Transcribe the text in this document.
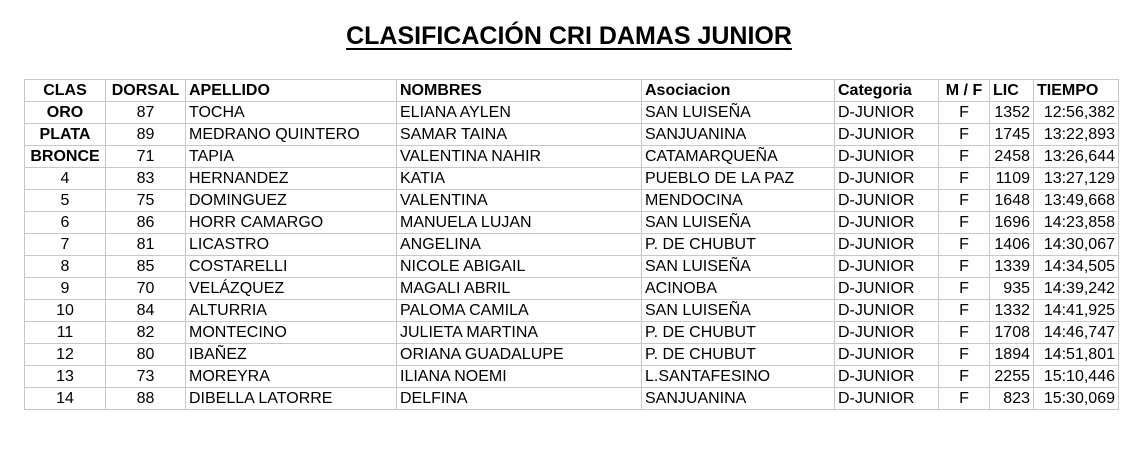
CLASIFICACIÓN CRI DAMAS JUNIOR
CLAS	DORSAL	APELLIDO	NOMBRES	Asociacion	Categoria	M / F	LIC	TIEMPO
ORO	87	TOCHA	ELIANA AYLEN	SAN LUISEÑA	D-JUNIOR	F	1352	12:56,382
PLATA	89	MEDRANO QUINTERO	SAMAR TAINA	SANJUANINA	D-JUNIOR	F	1745	13:22,893
BRONCE	71	TAPIA	VALENTINA NAHIR	CATAMARQUEÑA	D-JUNIOR	F	2458	13:26,644
4	83	HERNANDEZ	KATIA	PUEBLO DE LA PAZ	D-JUNIOR	F	1109	13:27,129
5	75	DOMINGUEZ	VALENTINA	MENDOCINA	D-JUNIOR	F	1648	13:49,668
6	86	HORR CAMARGO	MANUELA LUJAN	SAN LUISEÑA	D-JUNIOR	F	1696	14:23,858
7	81	LICASTRO	ANGELINA	P. DE CHUBUT	D-JUNIOR	F	1406	14:30,067
8	85	COSTARELLI	NICOLE ABIGAIL	SAN LUISEÑA	D-JUNIOR	F	1339	14:34,505
9	70	VELÁZQUEZ	MAGALI ABRIL	ACINOBA	D-JUNIOR	F	935	14:39,242
10	84	ALTURRIA	PALOMA CAMILA	SAN LUISEÑA	D-JUNIOR	F	1332	14:41,925
11	82	MONTECINO	JULIETA MARTINA	P. DE CHUBUT	D-JUNIOR	F	1708	14:46,747
12	80	IBAÑEZ	ORIANA GUADALUPE	P. DE CHUBUT	D-JUNIOR	F	1894	14:51,801
13	73	MOREYRA	ILIANA NOEMI	L.SANTAFESINO	D-JUNIOR	F	2255	15:10,446
14	88	DIBELLA LATORRE	DELFINA	SANJUANINA	D-JUNIOR	F	823	15:30,069
